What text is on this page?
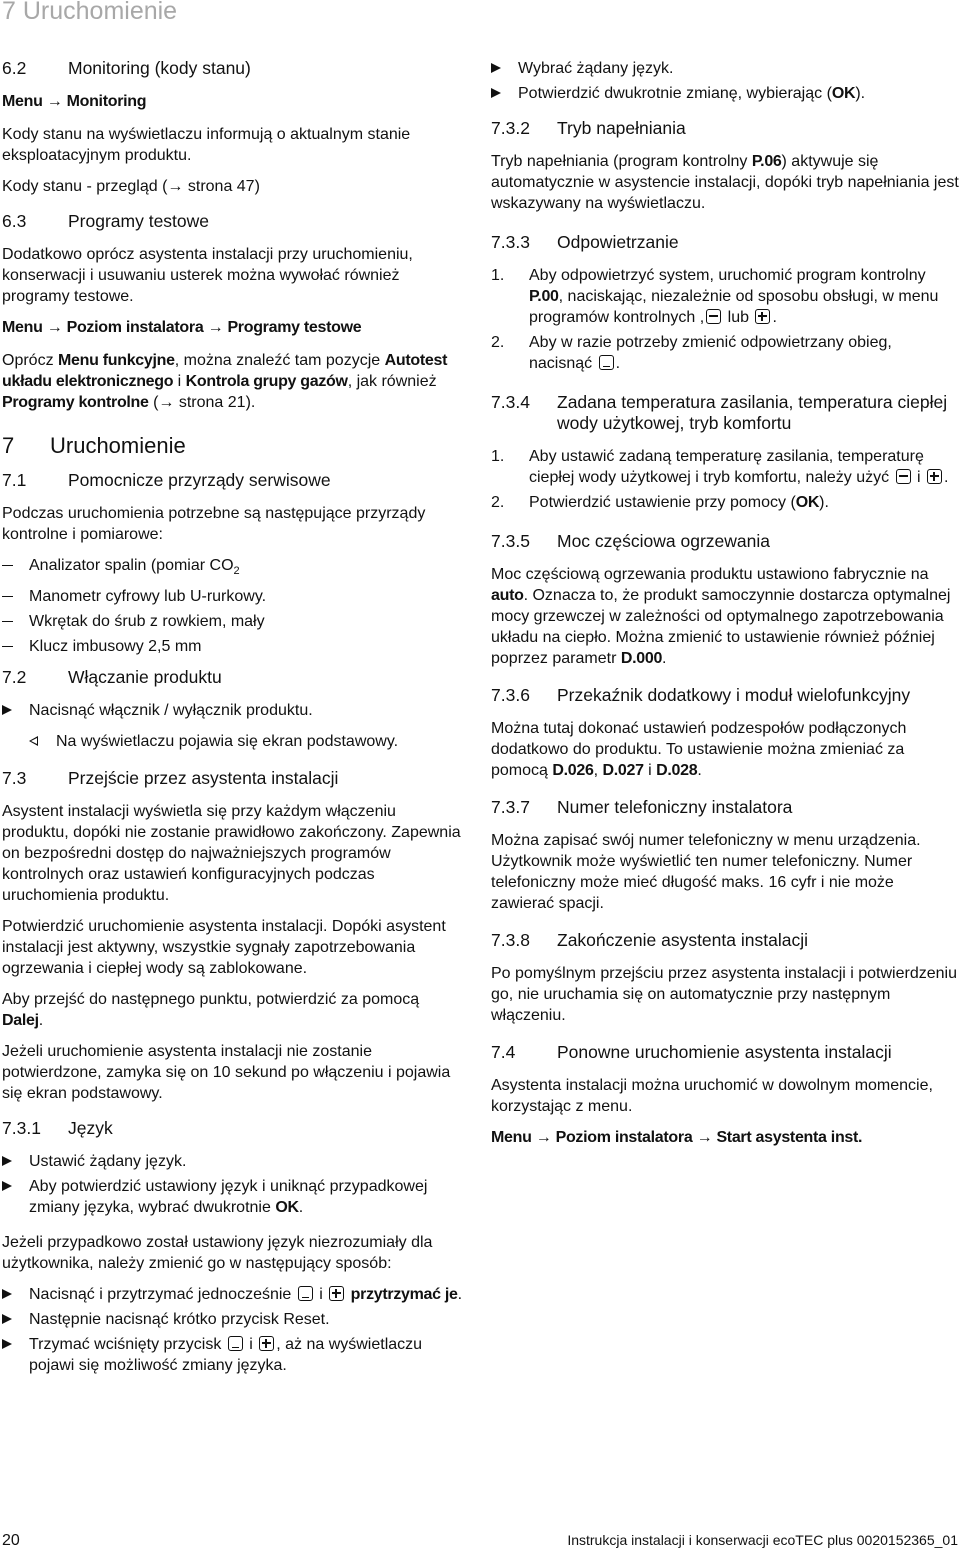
7 Uruchomienie
6.2	Monitoring (kody stanu)

Menu → Monitoring

Kody stanu na wyświetlaczu informują o aktualnym stanie eksploatacyjnym produktu.

Kody stanu - przegląd (→ strona 47)

6.3	Programy testowe

Dodatkowo oprócz asystenta instalacji przy uruchomieniu, konserwacji i usuwaniu usterek można wywołać również programy testowe.

Menu → Poziom instalatora → Programy testowe

Oprócz Menu funkcyjne, można znaleźć tam pozycje Autotest układu elektronicznego i Kontrola grupy gazów, jak również Programy kontrolne (→ strona 21).

7	Uruchomienie
7.1	Pomocnicze przyrządy serwisowe

Podczas uruchomienia potrzebne są następujące przyrządy kontrolne i pomiarowe:

Analizator spalin (pomiar $CO_2$
Manometr cyfrowy lub U-rurkowy.
Wkrętak do śrub z rowkiem, mały
Klucz imbusowy 2,5 mm
7.2	Włączanie produktu
Nacisnąć włącznik / wyłącznik produktu.
Na wyświetlaczu pojawia się ekran podstawowy.
7.3	Przejście przez asystenta instalacji

Asystent instalacji wyświetla się przy każdym włączeniu produktu, dopóki nie zostanie prawidłowo zakończony. Zapewnia on bezpośredni dostęp do najważniejszych programów kontrolnych oraz ustawień konfiguracyjnych podczas uruchomienia produktu.

Potwierdzić uruchomienie asystenta instalacji. Dopóki asystent instalacji jest aktywny, wszystkie sygnały zapotrzebowania ogrzewania i ciepłej wody są zablokowane.

Aby przejść do następnego punktu, potwierdzić za pomocą Dalej.

Jeżeli uruchomienie asystenta instalacji nie zostanie potwierdzone, zamyka się on 10 sekund po włączeniu i pojawia się ekran podstawowy.

7.3.1	Język
Ustawić żądany język.
Aby potwierdzić ustawiony język i uniknąć przypadkowej zmiany języka, wybrać dwukrotnie OK.

Jeżeli przypadkowo został ustawiony język niezrozumiały dla użytkownika, należy zmienić go w następujący sposób:

Nacisnąć i przytrzymać jednocześnie  i  przytrzymać je.
Następnie nacisnąć krótko przycisk Reset.
Trzymać wciśnięty przycisk  i , aż na wyświetlaczu pojawi się możliwość zmiany języka.
Wybrać żądany język.
Potwierdzić dwukrotnie zmianę, wybierając (OK).
7.3.2	Tryb napełniania

Tryb napełniania (program kontrolny P.06) aktywuje się automatycznie w asystencie instalacji, dopóki tryb napełniania jest wskazywany na wyświetlaczu.

7.3.3	Odpowietrzanie
1. Aby odpowietrzyć system, uruchomić program kontrolny P.00, naciskając, niezależnie od sposobu obsługi, w menu programów kontrolnych , lub .
2. Aby w razie potrzeby zmienić odpowietrzany obieg, nacisnąć .
7.3.4	Zadana temperatura zasilania, temperatura ciepłej wody użytkowej, tryb komfortu
1. Aby ustawić zadaną temperaturę zasilania, temperaturę ciepłej wody użytkowej i tryb komfortu, należy użyć  i .
2. Potwierdzić ustawienie przy pomocy (OK).
7.3.5	Moc częściowa ogrzewania

Moc częściową ogrzewania produktu ustawiono fabrycznie na auto. Oznacza to, że produkt samoczynnie dostarcza optymalnej mocy grzewczej w zależności od optymalnego zapotrzebowania układu na ciepło. Można zmienić to ustawienie również później poprzez parametr D.000.

7.3.6	Przekaźnik dodatkowy i moduł wielofunkcyjny

Można tutaj dokonać ustawień podzespołów podłączonych dodatkowo do produktu. To ustawienie można zmieniać za pomocą D.026, D.027 i D.028.

7.3.7	Numer telefoniczny instalatora

Można zapisać swój numer telefoniczny w menu urządzenia. Użytkownik może wyświetlić ten numer telefoniczny. Numer telefoniczny może mieć długość maks. 16 cyfr i nie może zawierać spacji.

7.3.8	Zakończenie asystenta instalacji

Po pomyślnym przejściu przez asystenta instalacji i potwierdzeniu go, nie uruchamia się on automatycznie przy następnym włączeniu.

7.4	Ponowne uruchomienie asystenta instalacji

Asystenta instalacji można uruchomić w dowolnym momencie, korzystając z menu.

Menu → Poziom instalatora → Start asystenta inst.

20	Instrukcja instalacji i konserwacji ecoTEC plus 0020152365_01
